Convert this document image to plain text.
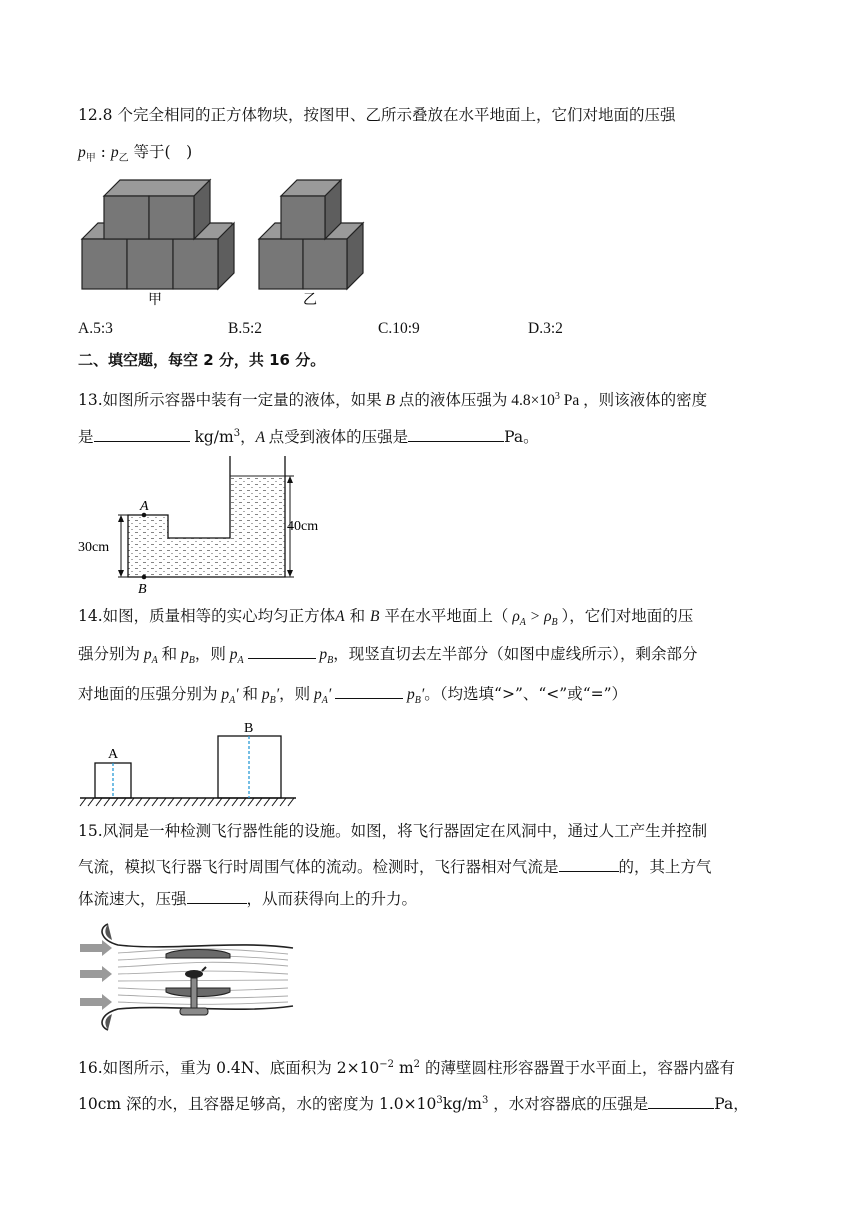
12.8 个完全相同的正方体物块，按图甲、乙所示叠放在水平地面上，它们对地面的压强
$p_甲$ : $p_乙$ 等于(　)
甲	乙
A.5:3	B.5:2	C.10:9	D.3:2
二、填空题，每空 2 分，共 16 分。
13.如图所示容器中装有一定量的液体，如果 B 点的液体压强为 $4.8\times 10^3$ Pa ，则该液体的密度
是	$kg/m^3$，A 点受到液体的压强是	Pa。
A
B
30cm
40cm
14.如图，质量相等的实心均匀正方体A 和 B 平在水平地面上（ $\rho_A > \rho_B$ ），它们对地面的压
强分别为 $p_A$ 和 $p_B$，则 $p_A$	$p_B$，现竖直切去左半部分（如图中虚线所示），剩余部分
对地面的压强分别为 $p_A'$ 和 $p_B'$，则 $p_A'$	$p_B'$。（均选填“>”、“<”或“=”）
A
B
15.风洞是一种检测飞行器性能的设施。如图，将飞行器固定在风洞中，通过人工产生并控制
气流，模拟飞行器飞行时周围气体的流动。检测时，飞行器相对气流是	的，其上方气
体流速大，压强	，从而获得向上的升力。
16.如图所示，重为 0.4N、底面积为 $2\times 10^{-2}$ $m^2$ 的薄壁圆柱形容器置于水平面上，容器内盛有
10cm 深的水，且容器足够高，水的密度为 $1.0\times 10^3kg/m^3$ ，水对容器底的压强是	Pa，
